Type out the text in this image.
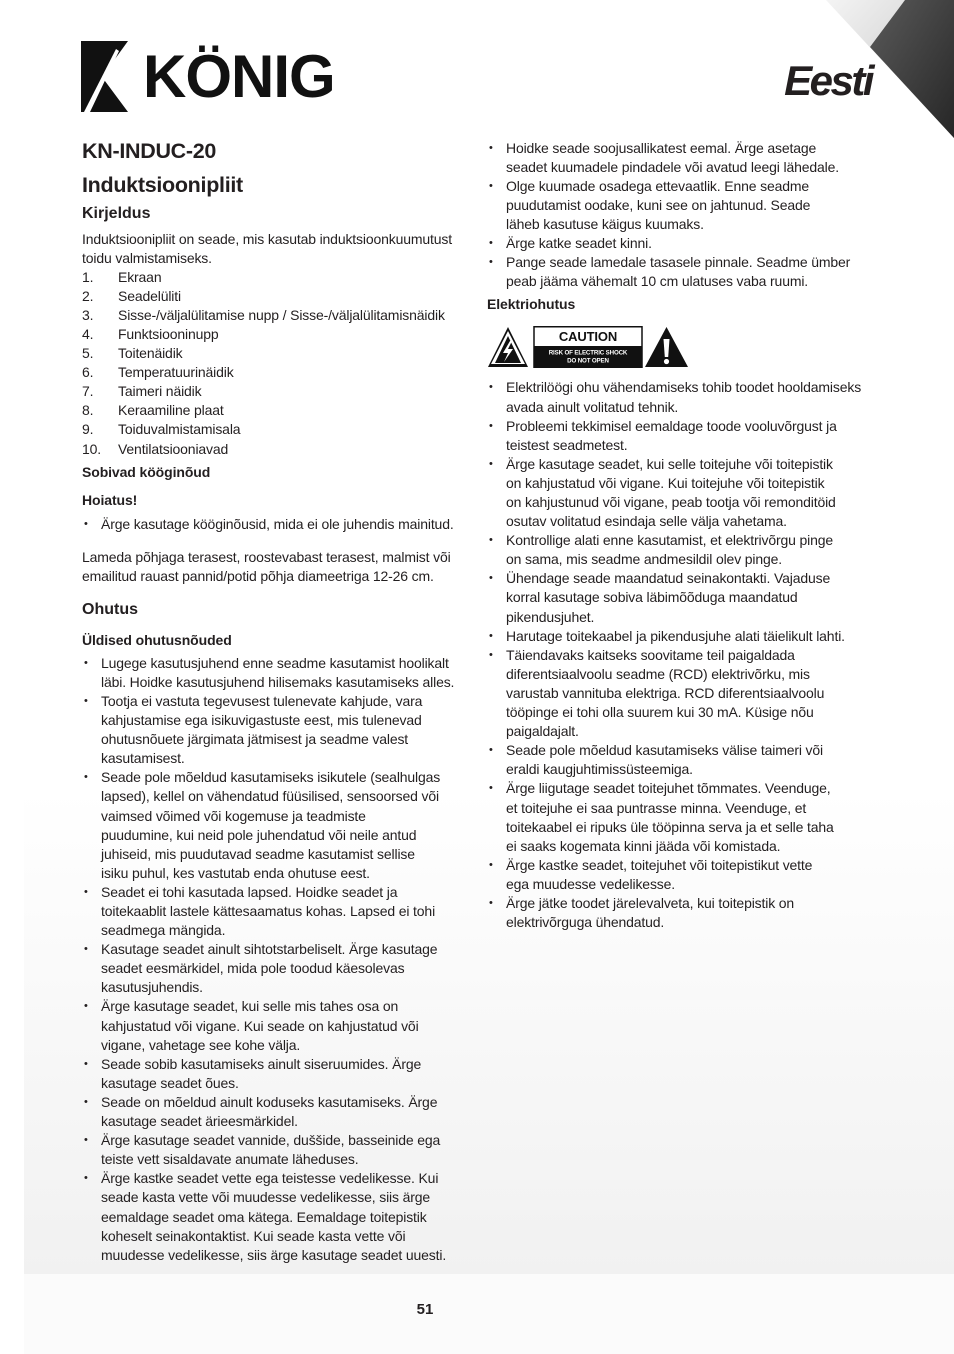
KÖNIG	Eesti
KN-INDUC-20
Induktsioonipliit
Kirjeldus
Induktsioonipliit on seade, mis kasutab induktsioonkuumutust
toidu valmistamiseks.
1.	Ekraan
2.	Seadelüliti
3.	Sisse-/väljalülitamise nupp / Sisse-/väljalülitamisnäidik
4.	Funktsiooninupp
5.	Toitenäidik
6.	Temperatuurinäidik
7.	Taimeri näidik
8.	Keraamiline plaat
9.	Toiduvalmistamisala
10.	Ventilatsiooniavad
Sobivad kööginõud
Hoiatus!
• Ärge kasutage kööginõusid, mida ei ole juhendis mainitud.
Lameda põhjaga terasest, roostevabast terasest, malmist või
emailitud rauast pannid/potid põhja diameetriga 12-26 cm.
Ohutus
Üldised ohutusnõuded
• Lugege kasutusjuhend enne seadme kasutamist hoolikalt
läbi. Hoidke kasutusjuhend hilisemaks kasutamiseks alles.
• Tootja ei vastuta tegevusest tulenevate kahjude, vara
kahjustamise ega isikuvigastuste eest, mis tulenevad
ohutusnõuete järgimata jätmisest ja seadme valest
kasutamisest.
• Seade pole mõeldud kasutamiseks isikutele (sealhulgas
lapsed), kellel on vähendatud füüsilised, sensoorsed või
vaimsed võimed või kogemuse ja teadmiste
puudumine, kui neid pole juhendatud või neile antud
juhiseid, mis puudutavad seadme kasutamist sellise
isiku puhul, kes vastutab enda ohutuse eest.
• Seadet ei tohi kasutada lapsed. Hoidke seadet ja
toitekaablit lastele kättesaamatus kohas. Lapsed ei tohi
seadmega mängida.
• Kasutage seadet ainult sihtotstarbeliselt. Ärge kasutage
seadet eesmärkidel, mida pole toodud käesolevas
kasutusjuhendis.
• Ärge kasutage seadet, kui selle mis tahes osa on
kahjustatud või vigane. Kui seade on kahjustatud või
vigane, vahetage see kohe välja.
• Seade sobib kasutamiseks ainult siseruumides. Ärge
kasutage seadet õues.
• Seade on mõeldud ainult koduseks kasutamiseks. Ärge
kasutage seadet ärieesmärkidel.
• Ärge kasutage seadet vannide, duššide, basseinide ega
teiste vett sisaldavate anumate läheduses.
• Ärge kastke seadet vette ega teistesse vedelikesse. Kui
seade kasta vette või muudesse vedelikesse, siis ärge
eemaldage seadet oma kätega. Eemaldage toitepistik
koheselt seinakontaktist. Kui seade kasta vette või
muudesse vedelikesse, siis ärge kasutage seadet uuesti.
• Hoidke seade soojusallikatest eemal. Ärge asetage
seadet kuumadele pindadele või avatud leegi lähedale.
• Olge kuumade osadega ettevaatlik. Enne seadme
puudutamist oodake, kuni see on jahtunud. Seade
läheb kasutuse käigus kuumaks.
• Ärge katke seadet kinni.
• Pange seade lamedale tasasele pinnale. Seadme ümber
peab jääma vähemalt 10 cm ulatuses vaba ruumi.
Elektriohutus
CAUTION
RISK OF ELECTRIC SHOCK
DO NOT OPEN
• Elektrilöögi ohu vähendamiseks tohib toodet hooldamiseks
avada ainult volitatud tehnik.
• Probleemi tekkimisel eemaldage toode vooluvõrgust ja
teistest seadmetest.
• Ärge kasutage seadet, kui selle toitejuhe või toitepistik
on kahjustatud või vigane. Kui toitejuhe või toitepistik
on kahjustunud või vigane, peab tootja või remonditöid
osutav volitatud esindaja selle välja vahetama.
• Kontrollige alati enne kasutamist, et elektrivõrgu pinge
on sama, mis seadme andmesildil olev pinge.
• Ühendage seade maandatud seinakontakti. Vajaduse
korral kasutage sobiva läbimõõduga maandatud
pikendusjuhet.
• Harutage toitekaabel ja pikendusjuhe alati täielikult lahti.
• Täiendavaks kaitseks soovitame teil paigaldada
diferentsiaalvoolu seadme (RCD) elektrivõrku, mis
varustab vannituba elektriga. RCD diferentsiaalvoolu
tööpinge ei tohi olla suurem kui 30 mA. Küsige nõu
paigaldajalt.
• Seade pole mõeldud kasutamiseks välise taimeri või
eraldi kaugjuhtimissüsteemiga.
• Ärge liigutage seadet toitejuhet tõmmates. Veenduge,
et toitejuhe ei saa puntrasse minna. Veenduge, et
toitekaabel ei ripuks üle tööpinna serva ja et selle taha
ei saaks kogemata kinni jääda või komistada.
• Ärge kastke seadet, toitejuhet või toitepistikut vette
ega muudesse vedelikesse.
• Ärge jätke toodet järelevalveta, kui toitepistik on
elektrivõrguga ühendatud.
51
